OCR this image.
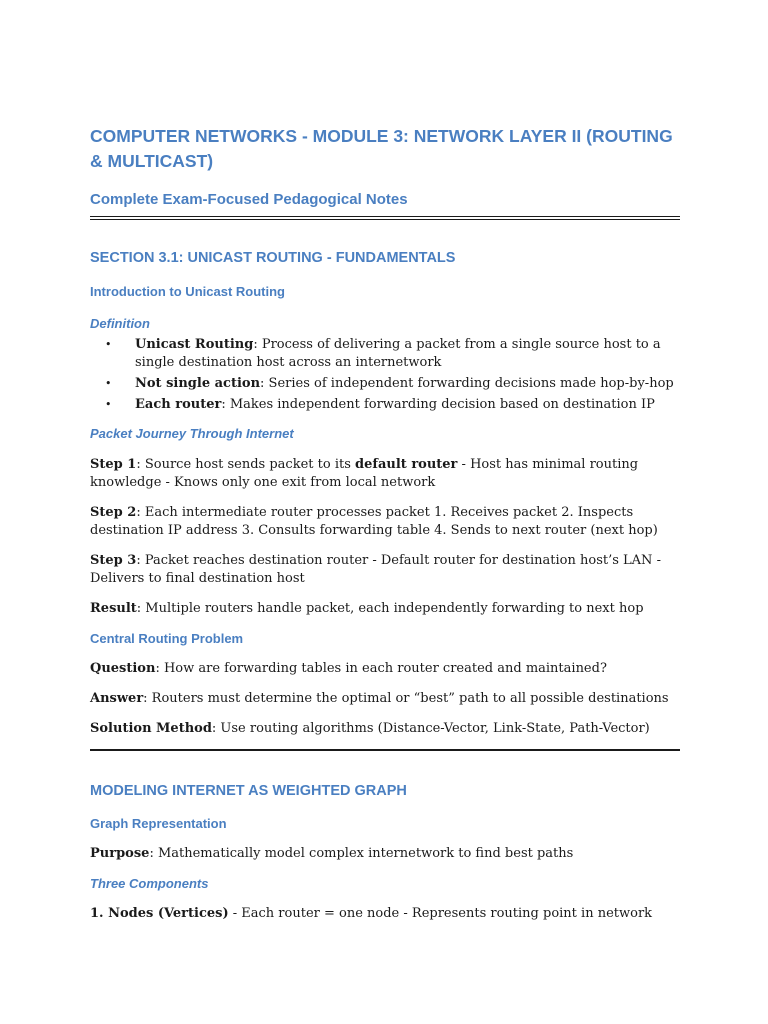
COMPUTER NETWORKS - MODULE 3: NETWORK LAYER II (ROUTING & MULTICAST)
Complete Exam-Focused Pedagogical Notes
SECTION 3.1: UNICAST ROUTING - FUNDAMENTALS
Introduction to Unicast Routing
Definition
• Unicast Routing: Process of delivering a packet from a single source host to a single destination host across an internetwork
• Not single action: Series of independent forwarding decisions made hop-by-hop
• Each router: Makes independent forwarding decision based on destination IP
Packet Journey Through Internet

Step 1: Source host sends packet to its default router - Host has minimal routing knowledge - Knows only one exit from local network

Step 2: Each intermediate router processes packet 1. Receives packet 2. Inspects destination IP address 3. Consults forwarding table 4. Sends to next router (next hop)

Step 3: Packet reaches destination router - Default router for destination host’s LAN - Delivers to final destination host

Result: Multiple routers handle packet, each independently forwarding to next hop

Central Routing Problem

Question: How are forwarding tables in each router created and maintained?

Answer: Routers must determine the optimal or “best” path to all possible destinations

Solution Method: Use routing algorithms (Distance-Vector, Link-State, Path-Vector)

MODELING INTERNET AS WEIGHTED GRAPH
Graph Representation

Purpose: Mathematically model complex internetwork to find best paths

Three Components

1. Nodes (Vertices) - Each router = one node - Represents routing point in network
